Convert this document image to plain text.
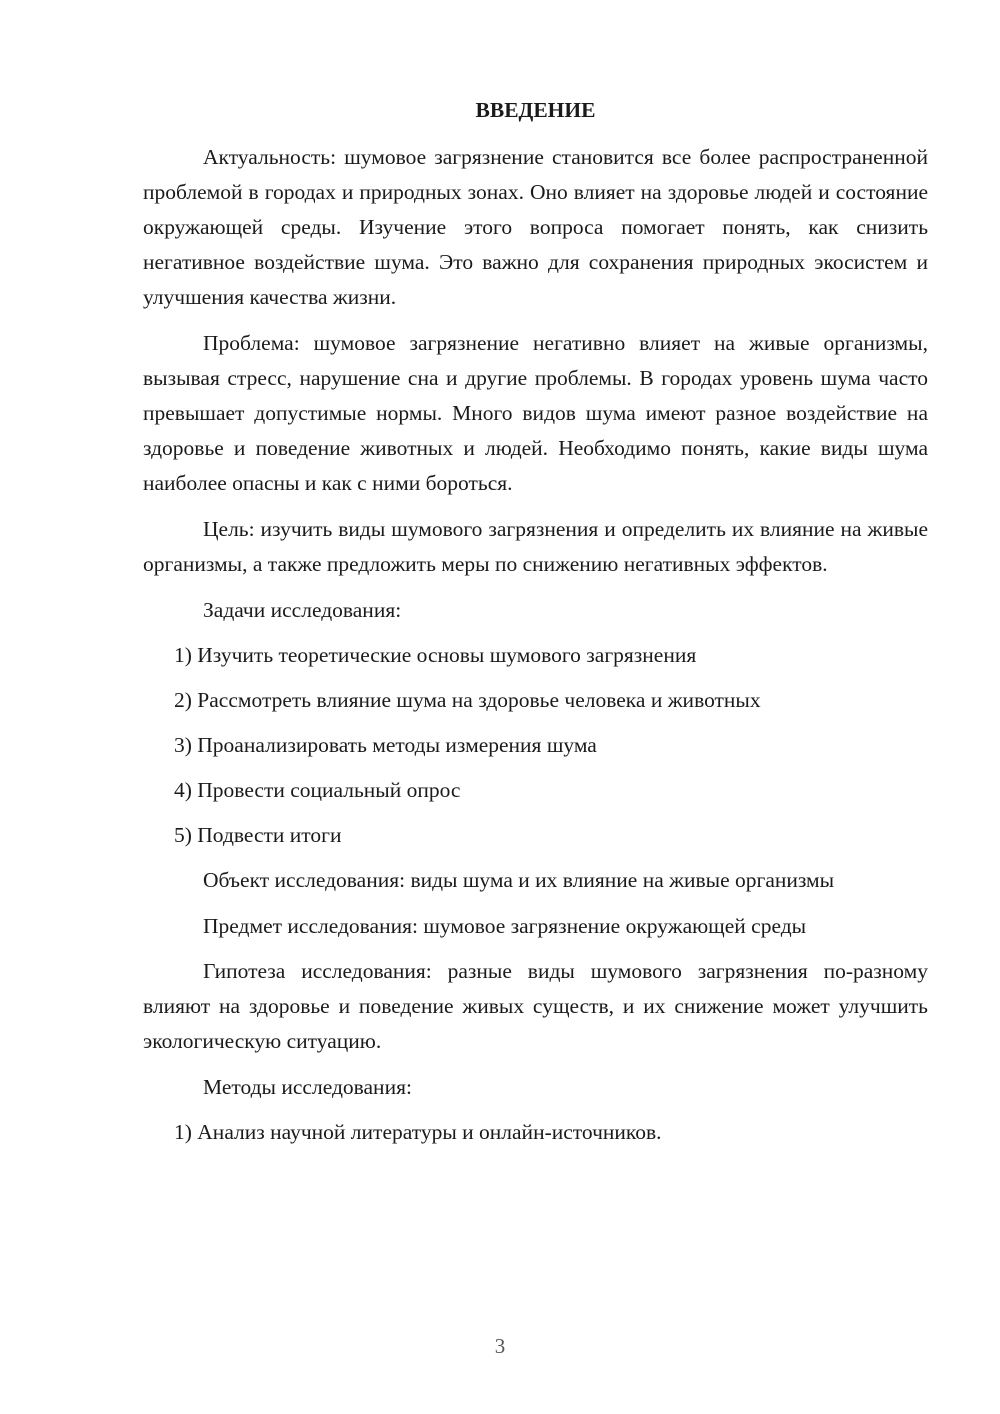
ВВЕДЕНИЕ

Актуальность: шумовое загрязнение становится все более распространенной проблемой в городах и природных зонах. Оно влияет на здоровье людей и состояние окружающей среды. Изучение этого вопроса помогает понять, как снизить негативное воздействие шума. Это важно для сохранения природных экосистем и улучшения качества жизни.

Проблема: шумовое загрязнение негативно влияет на живые организмы, вызывая стресс, нарушение сна и другие проблемы. В городах уровень шума часто превышает допустимые нормы. Много видов шума имеют разное воздействие на здоровье и поведение животных и людей. Необходимо понять, какие виды шума наиболее опасны и как с ними бороться.

Цель: изучить виды шумового загрязнения и определить их влияние на живые организмы, а также предложить меры по снижению негативных эффектов.

Задачи исследования:

1) Изучить теоретические основы шумового загрязнения
2) Рассмотреть влияние шума на здоровье человека и животных
3) Проанализировать методы измерения шума
4) Провести социальный опрос
5) Подвести итоги

Объект исследования: виды шума и их влияние на живые организмы

Предмет исследования: шумовое загрязнение окружающей среды

Гипотеза исследования: разные виды шумового загрязнения по-разному влияют на здоровье и поведение живых существ, и их снижение может улучшить экологическую ситуацию.

Методы исследования:

1) Анализ научной литературы и онлайн-источников.
3
